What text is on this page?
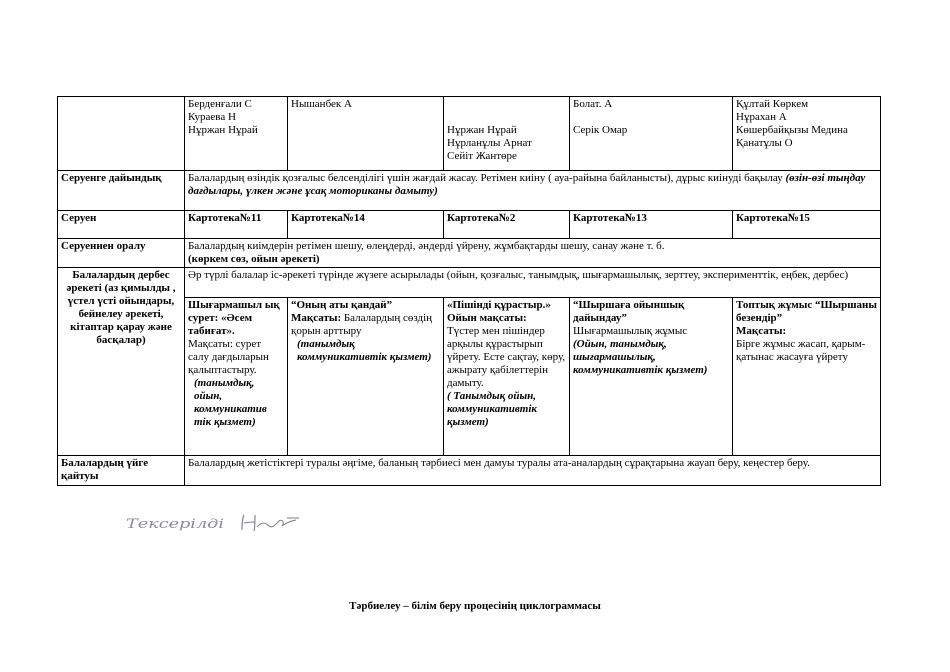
	Берденғали С
Кураева Н
Нұржан Нұрай	Нышанбек А	Нұржан Нұрай
Нұрланұлы Арнат
Сейіт Жантөре	Болат. А
Серік Омар	Құлтай Көркем
Нұрахан А
Көшербайқызы Медина
Қанатұлы О

Серуенге дайындық	Балалардың өзіндік қозғалыс белсенділігі үшін жағдай жасау. Ретімен киіну ( ауа-райына байланысты), дұрыс киінуді бақылау (өзін-өзі тыңдау дағдылары, үлкен және ұсақ моториканы дамыту)				
Серуен	Картотека№11	Картотека№14	Картотека№2	Картотека№13	Картотека№15
Серуеннен оралу	Балалардың киімдерін ретімен шешу, өлеңдерді, әндерді үйрену, жұмбақтарды шешу, санау және т. б.
(көркем сөз, ойын әрекеті)				

Балалардың дербес әрекеті (аз қимылды , үстел үсті ойындары, бейнелеу әрекеті, кітаптар қарау және басқалар)	Әр түрлі балалар іс-әрекеті түрінде жүзеге асырылады (ойын, қозғалыс, танымдық, шығармашылық, зерттеу, эксперименттік, еңбек, дербес)				

	Шығармашыл ық сурет: «Әсем табиғат».
Мақсаты: сурет салу дағдыларын қалыптастыру.
(танымдық, ойын, коммуникатив тік қызмет)	“Оның аты қандай”
Мақсаты: Балалардың сөздің қорын арттыру
(танымдық коммуникативтік қызмет)	«Пішінді құрастыр.»
Ойын мақсаты:
Түстер мен пішіндер арқылы құрастырып үйрету. Есте сақтау, көру, ажырату қабілеттерін дамыту.
( Танымдық ойын, коммуникативтік қызмет)	“Шыршаға ойыншық дайындау”
Шығармашылық жұмыс
(Ойын, танымдық, шығармашылық, коммуникативтік қызмет)	Топтық жұмыс “Шыршаны безендір”
Мақсаты:
Бірге жұмыс жасап, қарым-қатынас жасауға үйрету

Балалардың үйге қайтуы	Балалардың жетістіктері туралы әңгіме, баланың тәрбиесі мен дамуы туралы ата-аналардың сұрақтарына жауап беру, кеңестер беру.				
Тексерілді
Тәрбиелеу – білім беру процесінің циклограммасы
